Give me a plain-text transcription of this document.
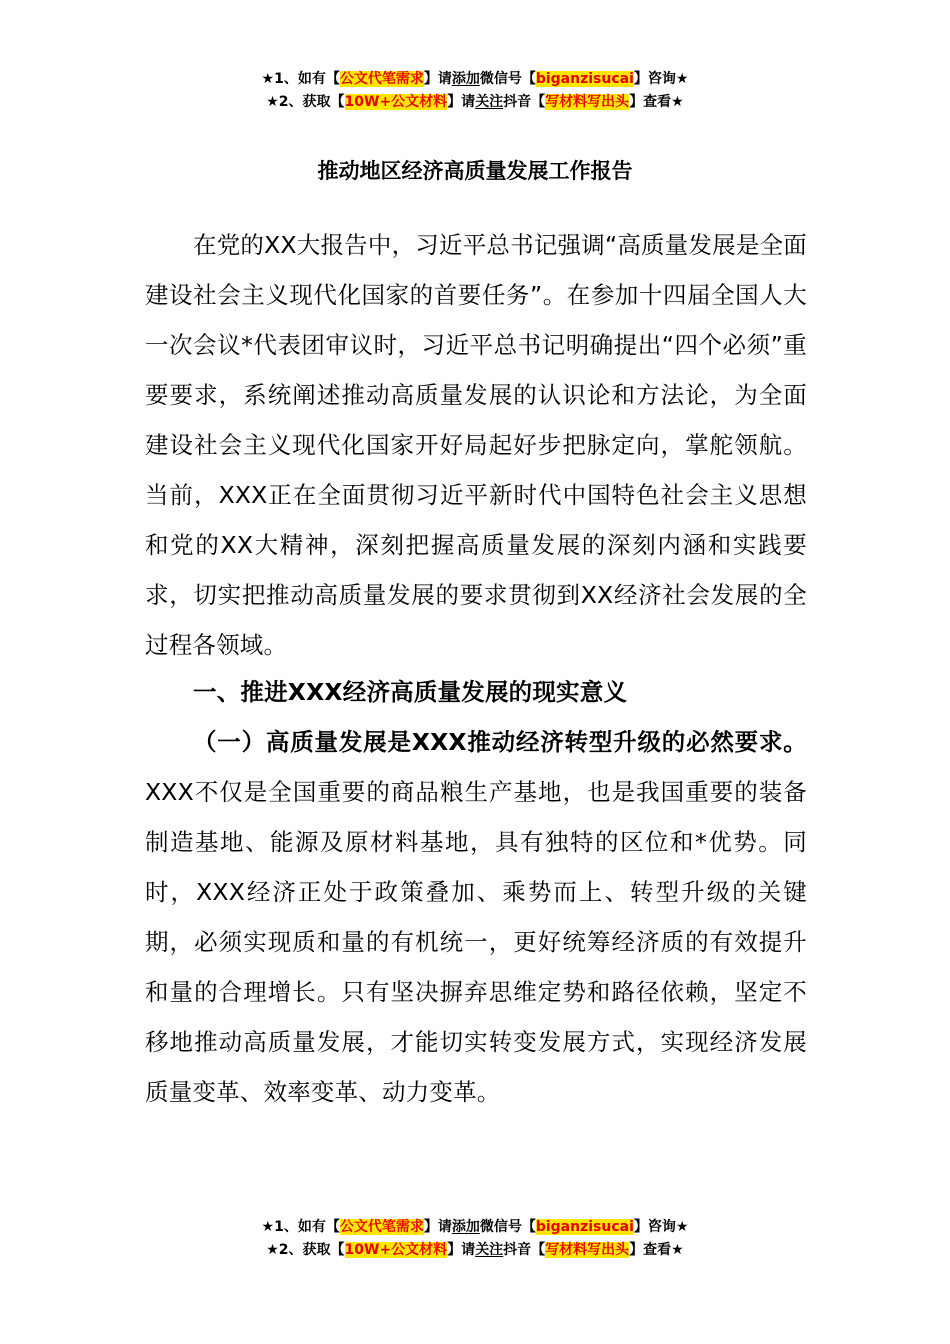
★1、如有【公文代笔需求】请添加微信号【biganzisucai】咨询★
★2、获取【10W+公文材料】请关注抖音【写材料写出头】查看★
推动地区经济高质量发展工作报告

在党的XX大报告中，习近平总书记强调“高质量发展是全面建设社会主义现代化国家的首要任务”。在参加十四届全国人大一次会议*代表团审议时，习近平总书记明确提出“四个必须”重要要求，系统阐述推动高质量发展的认识论和方法论，为全面建设社会主义现代化国家开好局起好步把脉定向，掌舵领航。当前，XXX正在全面贯彻习近平新时代中国特色社会主义思想和党的XX大精神，深刻把握高质量发展的深刻内涵和实践要求，切实把推动高质量发展的要求贯彻到XX经济社会发展的全过程各领域。

一、推进XXX经济高质量发展的现实意义

（一）高质量发展是XXX推动经济转型升级的必然要求。XXX不仅是全国重要的商品粮生产基地，也是我国重要的装备制造基地、能源及原材料基地，具有独特的区位和*优势。同时，XXX经济正处于政策叠加、乘势而上、转型升级的关键期，必须实现质和量的有机统一，更好统筹经济质的有效提升和量的合理增长。只有坚决摒弃思维定势和路径依赖，坚定不移地推动高质量发展，才能切实转变发展方式，实现经济发展质量变革、效率变革、动力变革。

★1、如有【公文代笔需求】请添加微信号【biganzisucai】咨询★
★2、获取【10W+公文材料】请关注抖音【写材料写出头】查看★
